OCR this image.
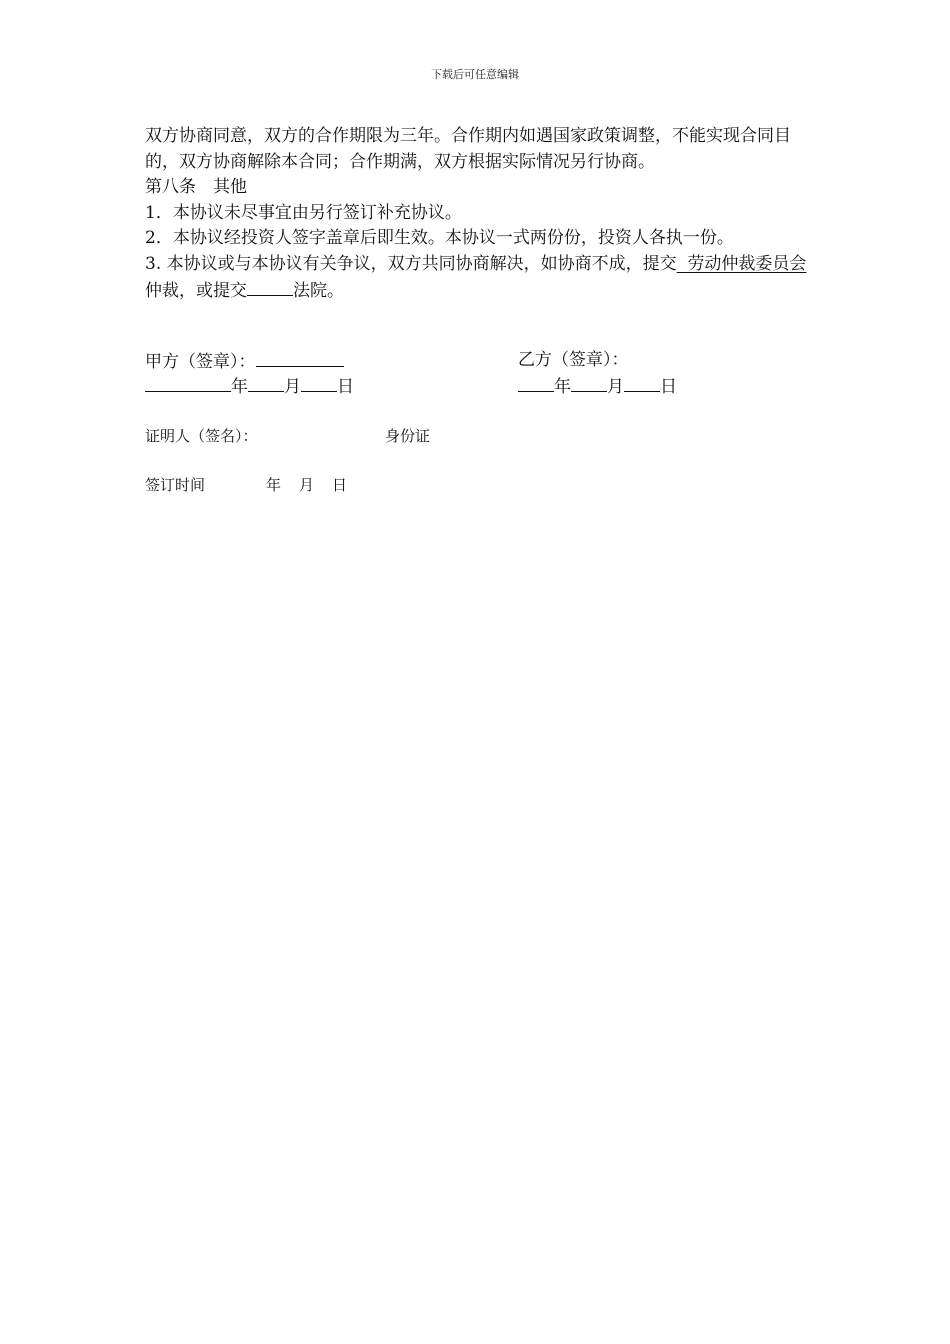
下载后可任意编辑

双方协商同意，双方的合作期限为三年。合作期内如遇国家政策调整，不能实现合同目的，双方协商解除本合同；合作期满，双方根据实际情况另行协商。

第八条　其他

1．本协议未尽事宜由另行签订补充协议。

2．本协议经投资人签字盖章后即生效。本协议一式两份份，投资人各执一份。

3. 本协议或与本协议有关争议，双方共同协商解决，如协商不成，提交 劳动仲裁委员会仲裁，或提交	法院。

甲方（签章）：
年 月 日
乙方（签章）：
年 月 日
证明人（签名）：	身份证
签订时间	年 月 日
